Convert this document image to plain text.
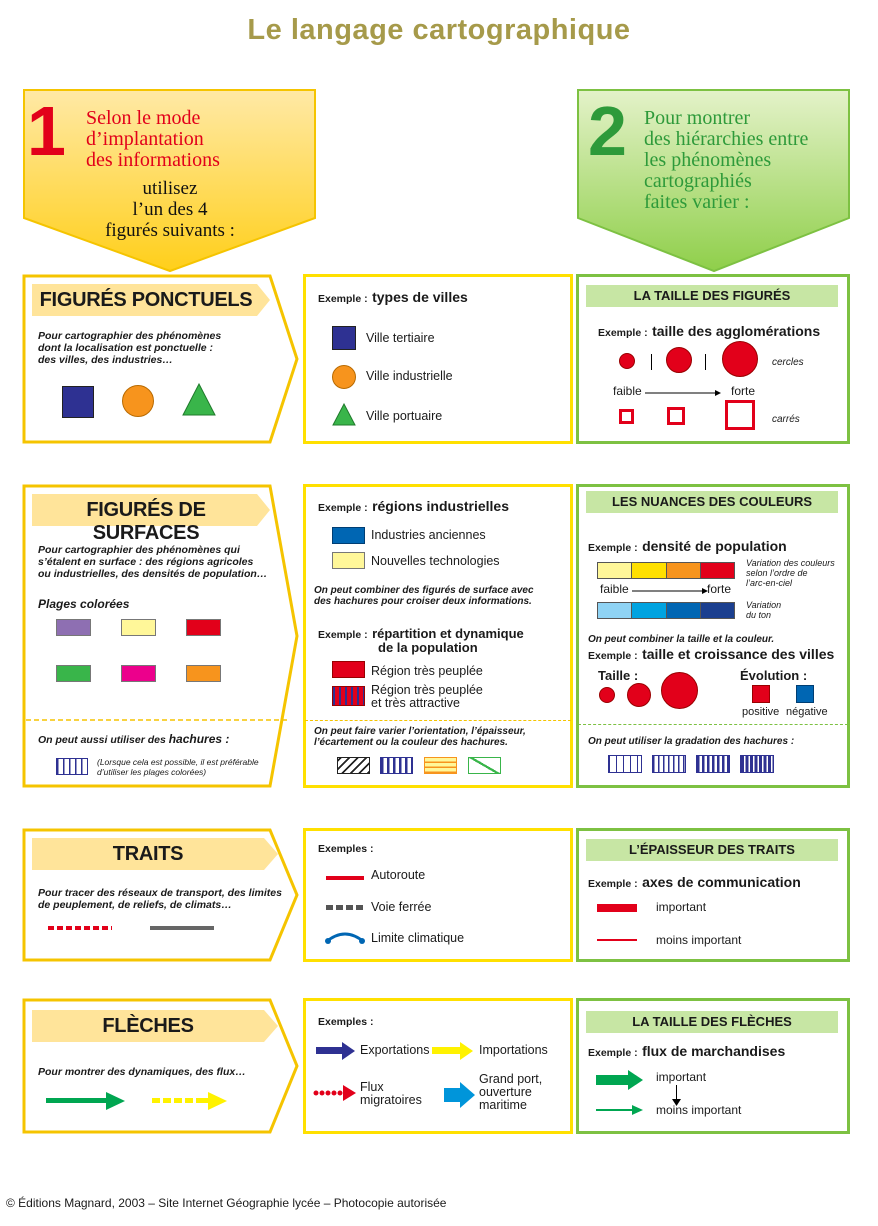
Le langage cartographique
1 Selon le mode
d’implantation
des informations
utilisez
l’un des 4
figurés suivants :
2 Pour montrer
des hiérarchies entre
les phénomènes
cartographiés
faites varier :
FIGURÉS PONCTUELS
Pour cartographier des phénomènes
dont la localisation est ponctuelle :
des villes, des industries…
Exemple : types de villes
Ville tertiaire
Ville industrielle
Ville portuaire
LA TAILLE DES FIGURÉS
Exemple : taille des agglomérations
cercles
faible	forte
carrés
FIGURÉS DE SURFACES
Pour cartographier des phénomènes qui
s’étalent en surface : des régions agricoles
ou industrielles, des densités de population…
Plages colorées
On peut aussi utiliser des hachures :
(Lorsque cela est possible, il est préférable
d’utiliser les plages colorées)
Exemple : régions industrielles
Industries anciennes
Nouvelles technologies
On peut combiner des figurés de surface avec
des hachures pour croiser deux informations.
Exemple : répartition et dynamique
de la population
Région très peuplée
Région très peuplée
et très attractive
On peut faire varier l’orientation, l’épaisseur,
l’écartement ou la couleur des hachures.
LES NUANCES DES COULEURS
Exemple : densité de population
Variation des couleurs
selon l’ordre de
l’arc-en-ciel
faible	forte
Variation
du ton
On peut combiner la taille et la couleur.
Exemple : taille et croissance des villes
Taille :	Évolution :
positive négative
On peut utiliser la gradation des hachures :
TRAITS
Pour tracer des réseaux de transport, des limites
de peuplement, de reliefs, de climats…
Exemples :
Autoroute
Voie ferrée
Limite climatique
L’ÉPAISSEUR DES TRAITS
Exemple : axes de communication
important
moins important
FLÈCHES
Pour montrer des dynamiques, des flux…
Exemples :
Exportations	Importations
Flux
migratoires
Grand port,
ouverture
maritime
LA TAILLE DES FLÈCHES
Exemple : flux de marchandises
important
moins important
© Éditions Magnard, 2003 – Site Internet Géographie lycée – Photocopie autorisée
